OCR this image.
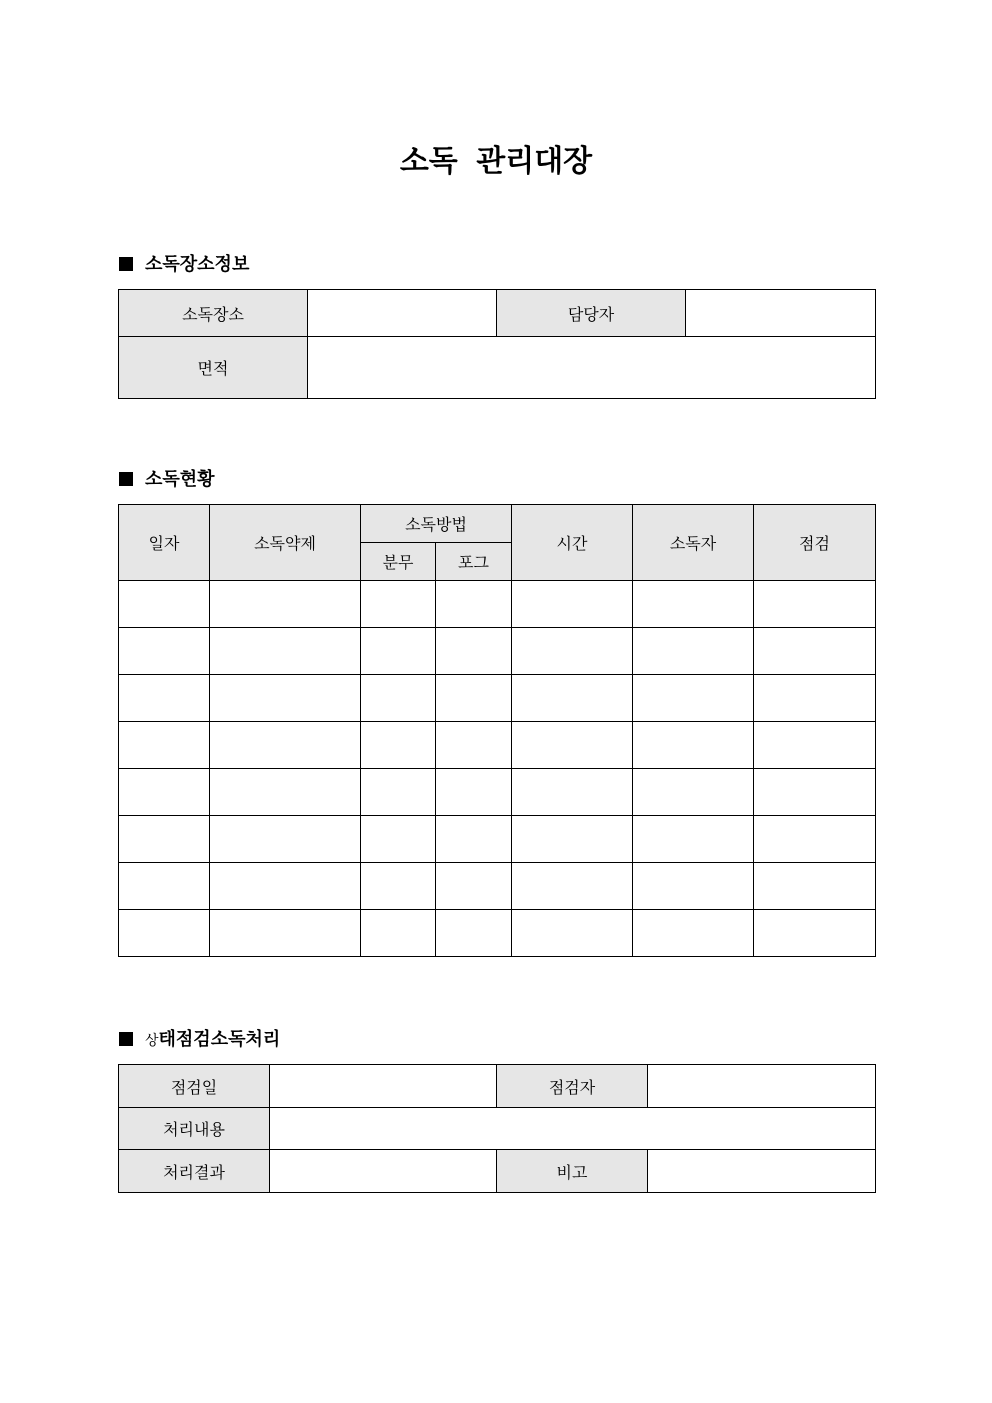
소독 관리대장
소독장소정보
소독장소		담당자	
면적			
소독현황
일자	소독약제	소독방법		시간	소독자	점검
		분무	포그			

상태점검소독처리
점검일		점검자	
처리내용			
처리결과		비고	
